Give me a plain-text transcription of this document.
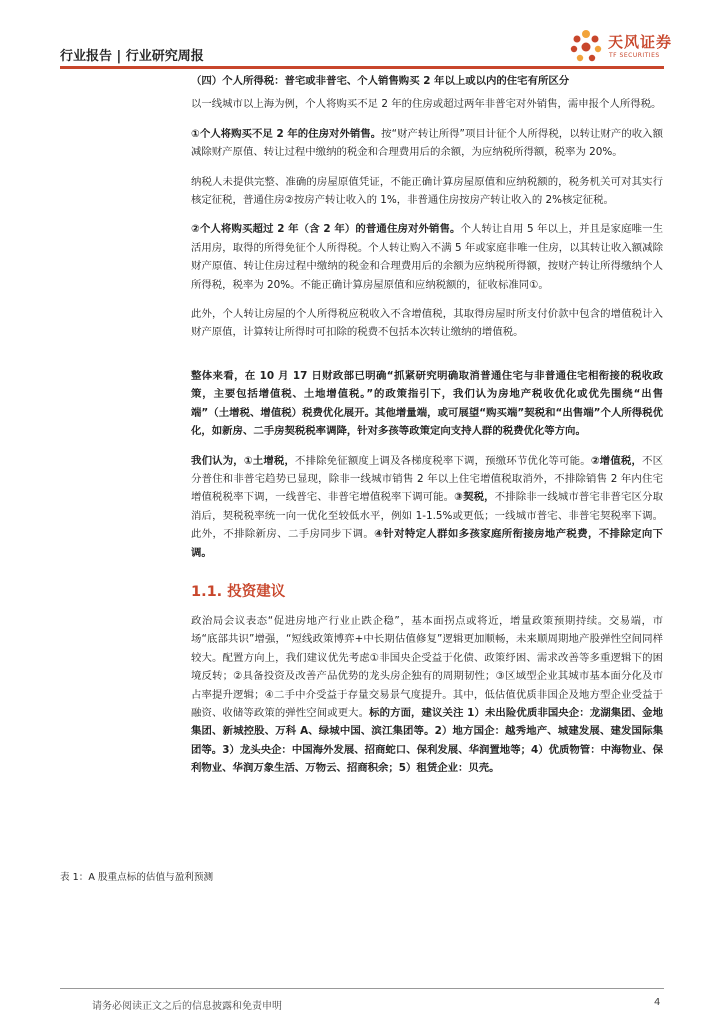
行业报告 | 行业研究周报
天风证券
TF SECURITIES

（四）个人所得税：普宅或非普宅、个人销售购买 2 年以上或以内的住宅有所区分

以一线城市以上海为例，个人将购买不足 2 年的住房或超过两年非普宅对外销售，需申报个人所得税。

①个人将购买不足 2 年的住房对外销售。按“财产转让所得”项目计征个人所得税，以转让财产的收入额减除财产原值、转让过程中缴纳的税金和合理费用后的余额，为应纳税所得额，税率为 20%。

纳税人未提供完整、准确的房屋原值凭证，不能正确计算房屋原值和应纳税额的，税务机关可对其实行核定征税，普通住房②按房产转让收入的 1%，非普通住房按房产转让收入的 2%核定征税。

②个人将购买超过 2 年（含 2 年）的普通住房对外销售。个人转让自用 5 年以上，并且是家庭唯一生活用房，取得的所得免征个人所得税。个人转让购入不满 5 年或家庭非唯一住房，以其转让收入额减除财产原值、转让住房过程中缴纳的税金和合理费用后的余额为应纳税所得额，按财产转让所得缴纳个人所得税，税率为 20%。不能正确计算房屋原值和应纳税额的，征收标准同①。

此外，个人转让房屋的个人所得税应税收入不含增值税，其取得房屋时所支付价款中包含的增值税计入财产原值，计算转让所得时可扣除的税费不包括本次转让缴纳的增值税。

整体来看，在 10 月 17 日财政部已明确“抓紧研究明确取消普通住宅与非普通住宅相衔接的税收政策，主要包括增值税、土地增值税。”的政策指引下，我们认为房地产税收优化或优先围绕“出售端”（土增税、增值税）税费优化展开。其他增量端，或可展望“购买端”契税和“出售端”个人所得税优化，如新房、二手房契税税率调降，针对多孩等政策定向支持人群的税费优化等方向。

我们认为，①土增税，不排除免征额度上调及各梯度税率下调，预缴环节优化等可能。②增值税，不区分普住和非普宅趋势已显现，除非一线城市销售 2 年以上住宅增值税取消外，不排除销售 2 年内住宅增值税税率下调，一线普宅、非普宅增值税率下调可能。③契税，不排除非一线城市普宅非普宅区分取消后，契税税率统一向一优化至较低水平，例如 1-1.5%或更低；一线城市普宅、非普宅契税率下调。此外，不排除新房、二手房同步下调。④针对特定人群如多孩家庭所衔接房地产税费，不排除定向下调。

1.1. 投资建议

政治局会议表态“促进房地产行业止跌企稳”，基本面拐点或将近，增量政策预期持续。交易端，市场“底部共识”增强，“短线政策博弈+中长期估值修复”逻辑更加顺畅，未来顺周期地产股弹性空间同样较大。配置方向上，我们建议优先考虑①非国央企受益于化债、政策纾困、需求改善等多重逻辑下的困境反转；②具备投资及改善产品优势的龙头房企独有的周期韧性；③区域型企业其城市基本面分化及市占率提升逻辑；④二手中介受益于存量交易景气度提升。其中，低估值优质非国企及地方型企业受益于融资、收储等政策的弹性空间或更大。标的方面，建议关注 1）未出险优质非国央企：龙湖集团、金地集团、新城控股、万科 A、绿城中国、滨江集团等。2）地方国企：越秀地产、城建发展、建发国际集团等。3）龙头央企：中国海外发展、招商蛇口、保利发展、华润置地等；4）优质物管：中海物业、保利物业、华润万象生活、万物云、招商积余；5）租赁企业：贝壳。

表 1：A 股重点标的估值与盈利预测
请务必阅读正文之后的信息披露和免责申明	4
